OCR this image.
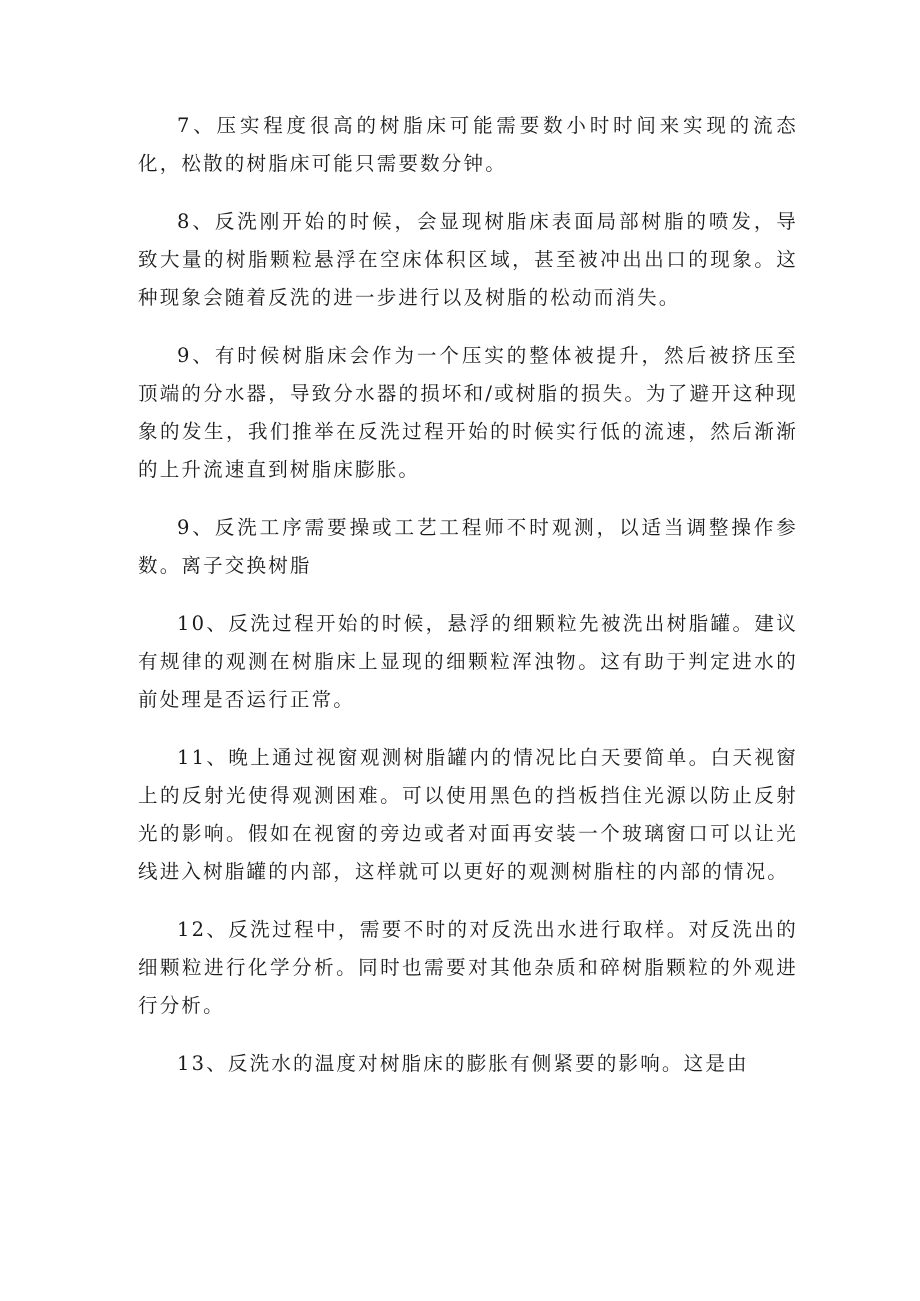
7、压实程度很高的树脂床可能需要数小时时间来实现的流态化，松散的树脂床可能只需要数分钟。

8、反洗刚开始的时候，会显现树脂床表面局部树脂的喷发，导致大量的树脂颗粒悬浮在空床体积区域，甚至被冲出出口的现象。这种现象会随着反洗的进一步进行以及树脂的松动而消失。

9、有时候树脂床会作为一个压实的整体被提升，然后被挤压至顶端的分水器，导致分水器的损坏和/或树脂的损失。为了避开这种现象的发生，我们推举在反洗过程开始的时候实行低的流速，然后渐渐的上升流速直到树脂床膨胀。

9、反洗工序需要操或工艺工程师不时观测，以适当调整操作参数。离子交换树脂

10、反洗过程开始的时候，悬浮的细颗粒先被洗出树脂罐。建议有规律的观测在树脂床上显现的细颗粒浑浊物。这有助于判定进水的前处理是否运行正常。

11、晚上通过视窗观测树脂罐内的情况比白天要简单。白天视窗上的反射光使得观测困难。可以使用黑色的挡板挡住光源以防止反射光的影响。假如在视窗的旁边或者对面再安装一个玻璃窗口可以让光线进入树脂罐的内部，这样就可以更好的观测树脂柱的内部的情况。

12、反洗过程中，需要不时的对反洗出水进行取样。对反洗出的细颗粒进行化学分析。同时也需要对其他杂质和碎树脂颗粒的外观进行分析。

13、反洗水的温度对树脂床的膨胀有侧紧要的影响。这是由
